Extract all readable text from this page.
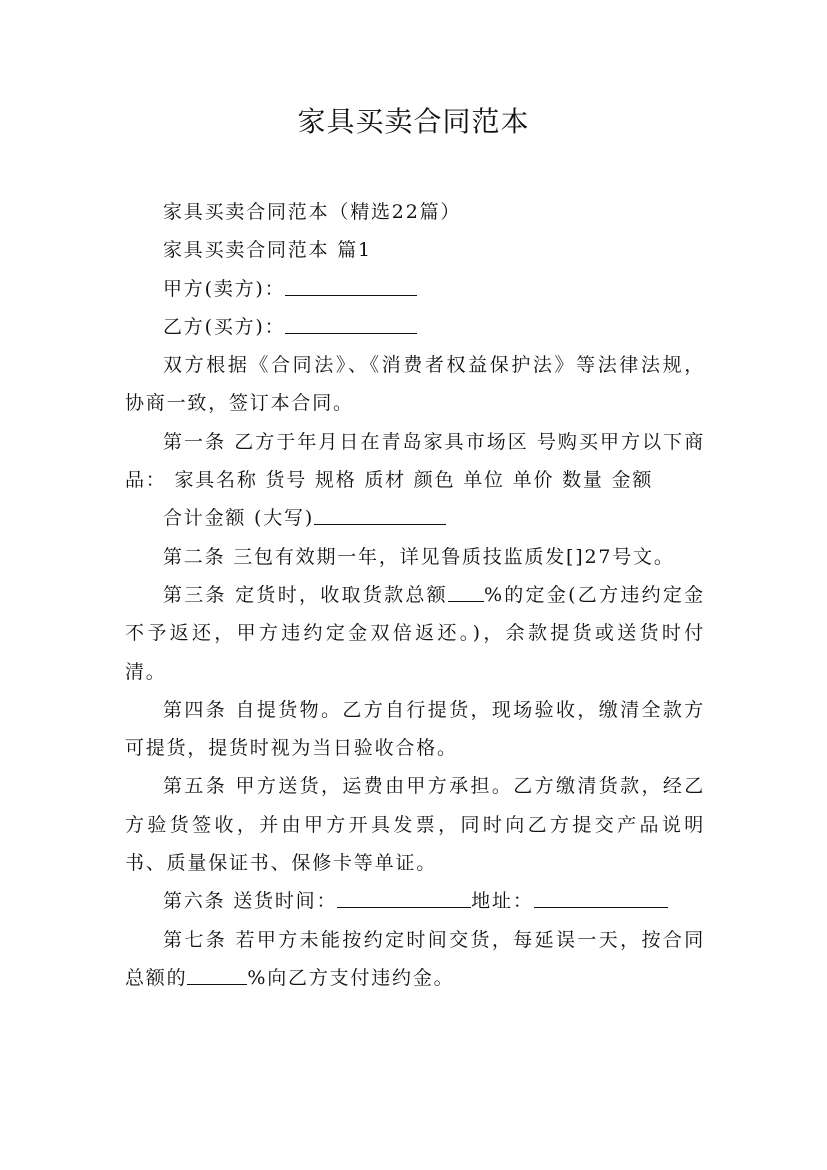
家具买卖合同范本

家具买卖合同范本（精选22篇）

家具买卖合同范本 篇1

甲方(卖方)：

乙方(买方)：

双方根据《合同法》、《消费者权益保护法》等法律法规，协商一致，签订本合同。

第一条 乙方于年月日在青岛家具市场区 号购买甲方以下商品： 家具名称 货号 规格 质材 颜色 单位 单价 数量 金额

合计金额 (大写)

第二条 三包有效期一年，详见鲁质技监质发[]27号文。

第三条 定货时，收取货款总额 %的定金(乙方违约定金不予返还，甲方违约定金双倍返还。)，余款提货或送货时付清。

第四条 自提货物。乙方自行提货，现场验收，缴清全款方可提货，提货时视为当日验收合格。

第五条 甲方送货，运费由甲方承担。乙方缴清货款，经乙方验货签收，并由甲方开具发票，同时向乙方提交产品说明书、质量保证书、保修卡等单证。

第六条 送货时间：	地址：

第七条 若甲方未能按约定时间交货，每延误一天，按合同总额的	%向乙方支付违约金。
